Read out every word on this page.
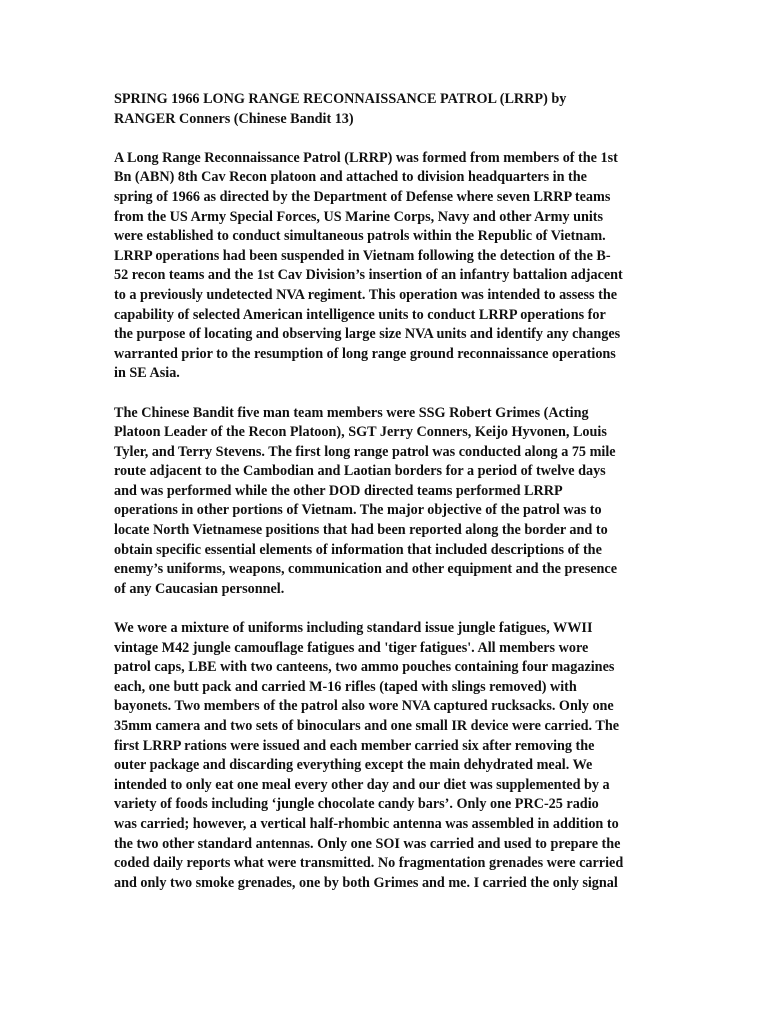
SPRING 1966 LONG RANGE RECONNAISSANCE PATROL (LRRP) by
RANGER Conners (Chinese Bandit 13)

A Long Range Reconnaissance Patrol (LRRP) was formed from members of the 1st
Bn (ABN) 8th Cav Recon platoon and attached to division headquarters in the
spring of 1966 as directed by the Department of Defense where seven LRRP teams
from the US Army Special Forces, US Marine Corps, Navy and other Army units
were established to conduct simultaneous patrols within the Republic of Vietnam.
LRRP operations had been suspended in Vietnam following the detection of the B-
52 recon teams and the 1st Cav Division’s insertion of an infantry battalion adjacent
to a previously undetected NVA regiment. This operation was intended to assess the
capability of selected American intelligence units to conduct LRRP operations for
the purpose of locating and observing large size NVA units and identify any changes
warranted prior to the resumption of long range ground reconnaissance operations
in SE Asia.

The Chinese Bandit five man team members were SSG Robert Grimes (Acting
Platoon Leader of the Recon Platoon), SGT Jerry Conners, Keijo Hyvonen, Louis
Tyler, and Terry Stevens. The first long range patrol was conducted along a 75 mile
route adjacent to the Cambodian and Laotian borders for a period of twelve days
and was performed while the other DOD directed teams performed LRRP
operations in other portions of Vietnam. The major objective of the patrol was to
locate North Vietnamese positions that had been reported along the border and to
obtain specific essential elements of information that included descriptions of the
enemy’s uniforms, weapons, communication and other equipment and the presence
of any Caucasian personnel.

We wore a mixture of uniforms including standard issue jungle fatigues, WWII
vintage M42 jungle camouflage fatigues and 'tiger fatigues'. All members wore
patrol caps, LBE with two canteens, two ammo pouches containing four magazines
each, one butt pack and carried M-16 rifles (taped with slings removed) with
bayonets. Two members of the patrol also wore NVA captured rucksacks. Only one
35mm camera and two sets of binoculars and one small IR device were carried. The
first LRRP rations were issued and each member carried six after removing the
outer package and discarding everything except the main dehydrated meal. We
intended to only eat one meal every other day and our diet was supplemented by a
variety of foods including ‘jungle chocolate candy bars’. Only one PRC-25 radio
was carried; however, a vertical half-rhombic antenna was assembled in addition to
the two other standard antennas. Only one SOI was carried and used to prepare the
coded daily reports what were transmitted. No fragmentation grenades were carried
and only two smoke grenades, one by both Grimes and me. I carried the only signal
